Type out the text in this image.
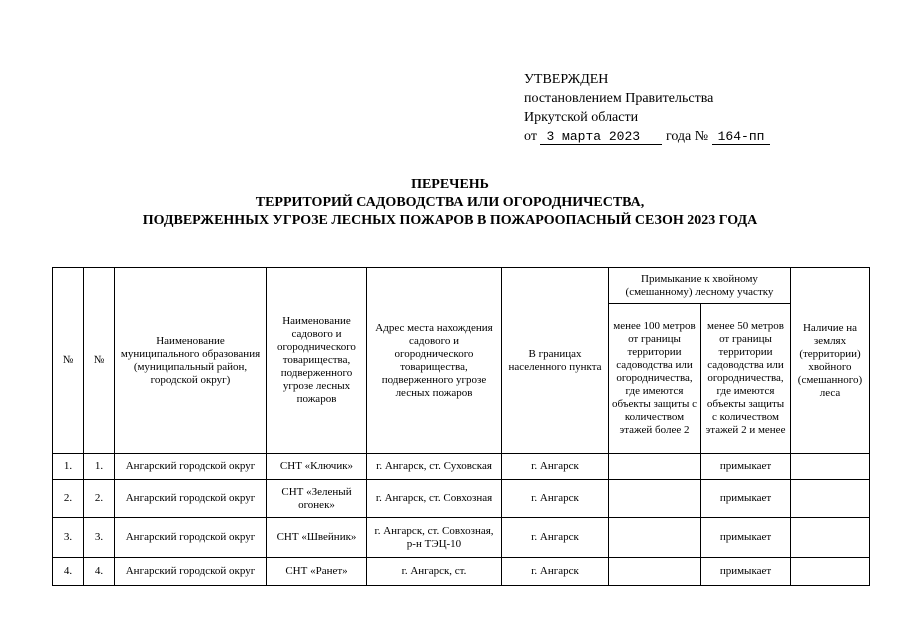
УТВЕРЖДЕН
постановлением Правительства
Иркутской области
от 3 марта 2023 года № 164-пп
ПЕРЕЧЕНЬ
ТЕРРИТОРИЙ САДОВОДСТВА ИЛИ ОГОРОДНИЧЕСТВА,
ПОДВЕРЖЕННЫХ УГРОЗЕ ЛЕСНЫХ ПОЖАРОВ В ПОЖАРООПАСНЫЙ СЕЗОН 2023 ГОДА
№	№	Наименование муниципального образования (муниципальный район, городской округ)	Наименование садового и огороднического товарищества, подверженного угрозе лесных пожаров	Адрес места нахождения садового и огороднического товарищества, подверженного угрозе лесных пожаров	В границах населенного пункта	Примыкание к хвойному (смешанному) лесному участку		Наличие на землях (территории) хвойного (смешанного) леса
						менее 100 метров от границы территории садоводства или огородничества, где имеются объекты защиты с количеством этажей более 2	менее 50 метров от границы территории садоводства или огородничества, где имеются объекты защиты с количеством этажей 2 и менее	
1.	1.	Ангарский городской округ	СНТ «Ключик»	г. Ангарск, ст. Суховская	г. Ангарск		примыкает	
2.	2.	Ангарский городской округ	СНТ «Зеленый огонек»	г. Ангарск, ст. Совхозная	г. Ангарск		примыкает	
3.	3.	Ангарский городской округ	СНТ «Швейник»	г. Ангарск, ст. Совхозная, р-н ТЭЦ-10	г. Ангарск		примыкает	
4.	4.	Ангарский городской округ	СНТ «Ранет»	г. Ангарск, ст.	г. Ангарск		примыкает	
